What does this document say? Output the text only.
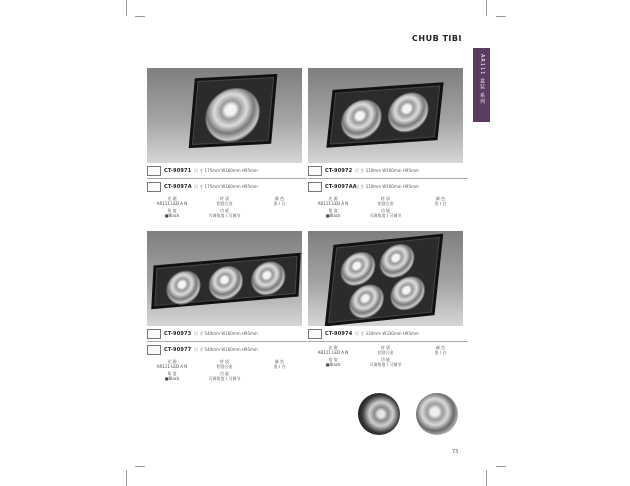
CHUB TIBI
AR111 盒装 系列
CT-90971 尺 寸 175mm W160mm H95mm
CT-9097A 尺 寸 175mm W160mm H95mm
光 源
AR111 LED A N
材 质
铝镁合金
颜 色
黑 / 白
角 度
■Black
功 能
可调角度 / 可调节
CT-90972 尺 寸 370mm W160mm H95mm
CT-9097AA
尺 寸 370mm W160mm H95mm
光 源
AR111 LED A N
材 质
铝镁合金
颜 色
黑 / 白
角 度
■Black
功 能
可调角度 / 可调节
CT-90973 尺 寸 540mm W160mm H95mm
CT-90977 尺 寸 540mm W160mm H95mm
光 源
AR111 LED A N
材 质
铝镁合金
颜 色
黑 / 白
角 度
■Black
功 能
可调角度 / 可调节
CT-90974 尺 寸 330mm W330mm H95mm
光 源
AR111 LED A N
材 质
铝镁合金
颜 色
黑 / 白
角 度
■Black
功 能
可调角度 / 可调节
73
